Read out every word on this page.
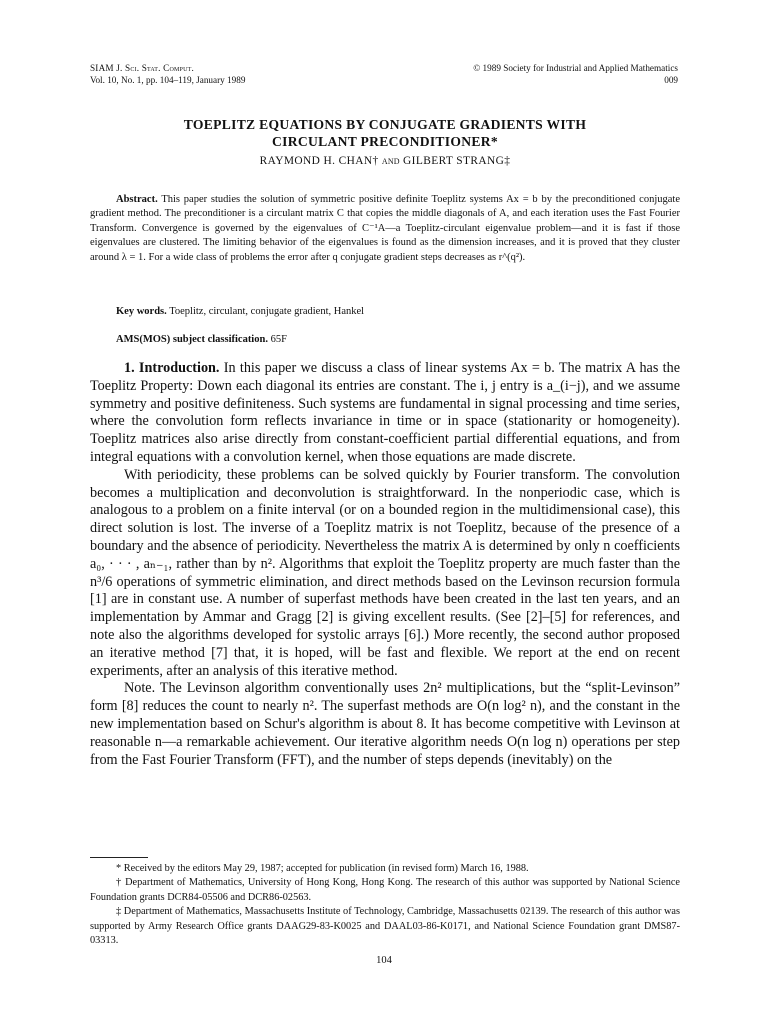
SIAM J. Sci. Stat. Comput.
Vol. 10, No. 1, pp. 104–119, January 1989
© 1989 Society for Industrial and Applied Mathematics
009
TOEPLITZ EQUATIONS BY CONJUGATE GRADIENTS WITH
CIRCULANT PRECONDITIONER*
RAYMOND H. CHAN† and GILBERT STRANG‡
Abstract. This paper studies the solution of symmetric positive definite Toeplitz systems Ax = b by the preconditioned conjugate gradient method. The preconditioner is a circulant matrix C that copies the middle diagonals of A, and each iteration uses the Fast Fourier Transform. Convergence is governed by the eigenvalues of C⁻¹A—a Toeplitz-circulant eigenvalue problem—and it is fast if those eigenvalues are clustered. The limiting behavior of the eigenvalues is found as the dimension increases, and it is proved that they cluster around λ = 1. For a wide class of problems the error after q conjugate gradient steps decreases as r^(q²).
Key words. Toeplitz, circulant, conjugate gradient, Hankel
AMS(MOS) subject classification. 65F

1. Introduction. In this paper we discuss a class of linear systems Ax = b. The matrix A has the Toeplitz Property: Down each diagonal its entries are constant. The i, j entry is a_(i−j), and we assume symmetry and positive definiteness. Such systems are fundamental in signal processing and time series, where the convolution form reflects invariance in time or in space (stationarity or homogeneity). Toeplitz matrices also arise directly from constant-coefficient partial differential equations, and from integral equations with a convolution kernel, when those equations are made discrete.

With periodicity, these problems can be solved quickly by Fourier transform. The convolution becomes a multiplication and deconvolution is straightforward. In the nonperiodic case, which is analogous to a problem on a finite interval (or on a bounded region in the multidimensional case), this direct solution is lost. The inverse of a Toeplitz matrix is not Toeplitz, because of the presence of a boundary and the absence of periodicity. Nevertheless the matrix A is determined by only n coefficients a₀, · · · , aₙ₋₁, rather than by n². Algorithms that exploit the Toeplitz property are much faster than the n³/6 operations of symmetric elimination, and direct methods based on the Levinson recursion formula [1] are in constant use. A number of superfast methods have been created in the last ten years, and an implementation by Ammar and Gragg [2] is giving excellent results. (See [2]–[5] for references, and note also the algorithms developed for systolic arrays [6].) More recently, the second author proposed an iterative method [7] that, it is hoped, will be fast and flexible. We report at the end on recent experiments, after an analysis of this iterative method.

Note. The Levinson algorithm conventionally uses 2n² multiplications, but the “split-Levinson” form [8] reduces the count to nearly n². The superfast methods are O(n log² n), and the constant in the new implementation based on Schur's algorithm is about 8. It has become competitive with Levinson at reasonable n—a remarkable achievement. Our iterative algorithm needs O(n log n) operations per step from the Fast Fourier Transform (FFT), and the number of steps depends (inevitably) on the

* Received by the editors May 29, 1987; accepted for publication (in revised form) March 16, 1988.

† Department of Mathematics, University of Hong Kong, Hong Kong. The research of this author was supported by National Science Foundation grants DCR84-05506 and DCR86-02563.

‡ Department of Mathematics, Massachusetts Institute of Technology, Cambridge, Massachusetts 02139. The research of this author was supported by Army Research Office grants DAAG29-83-K0025 and DAAL03-86-K0171, and National Science Foundation grant DMS87-03313.

104
